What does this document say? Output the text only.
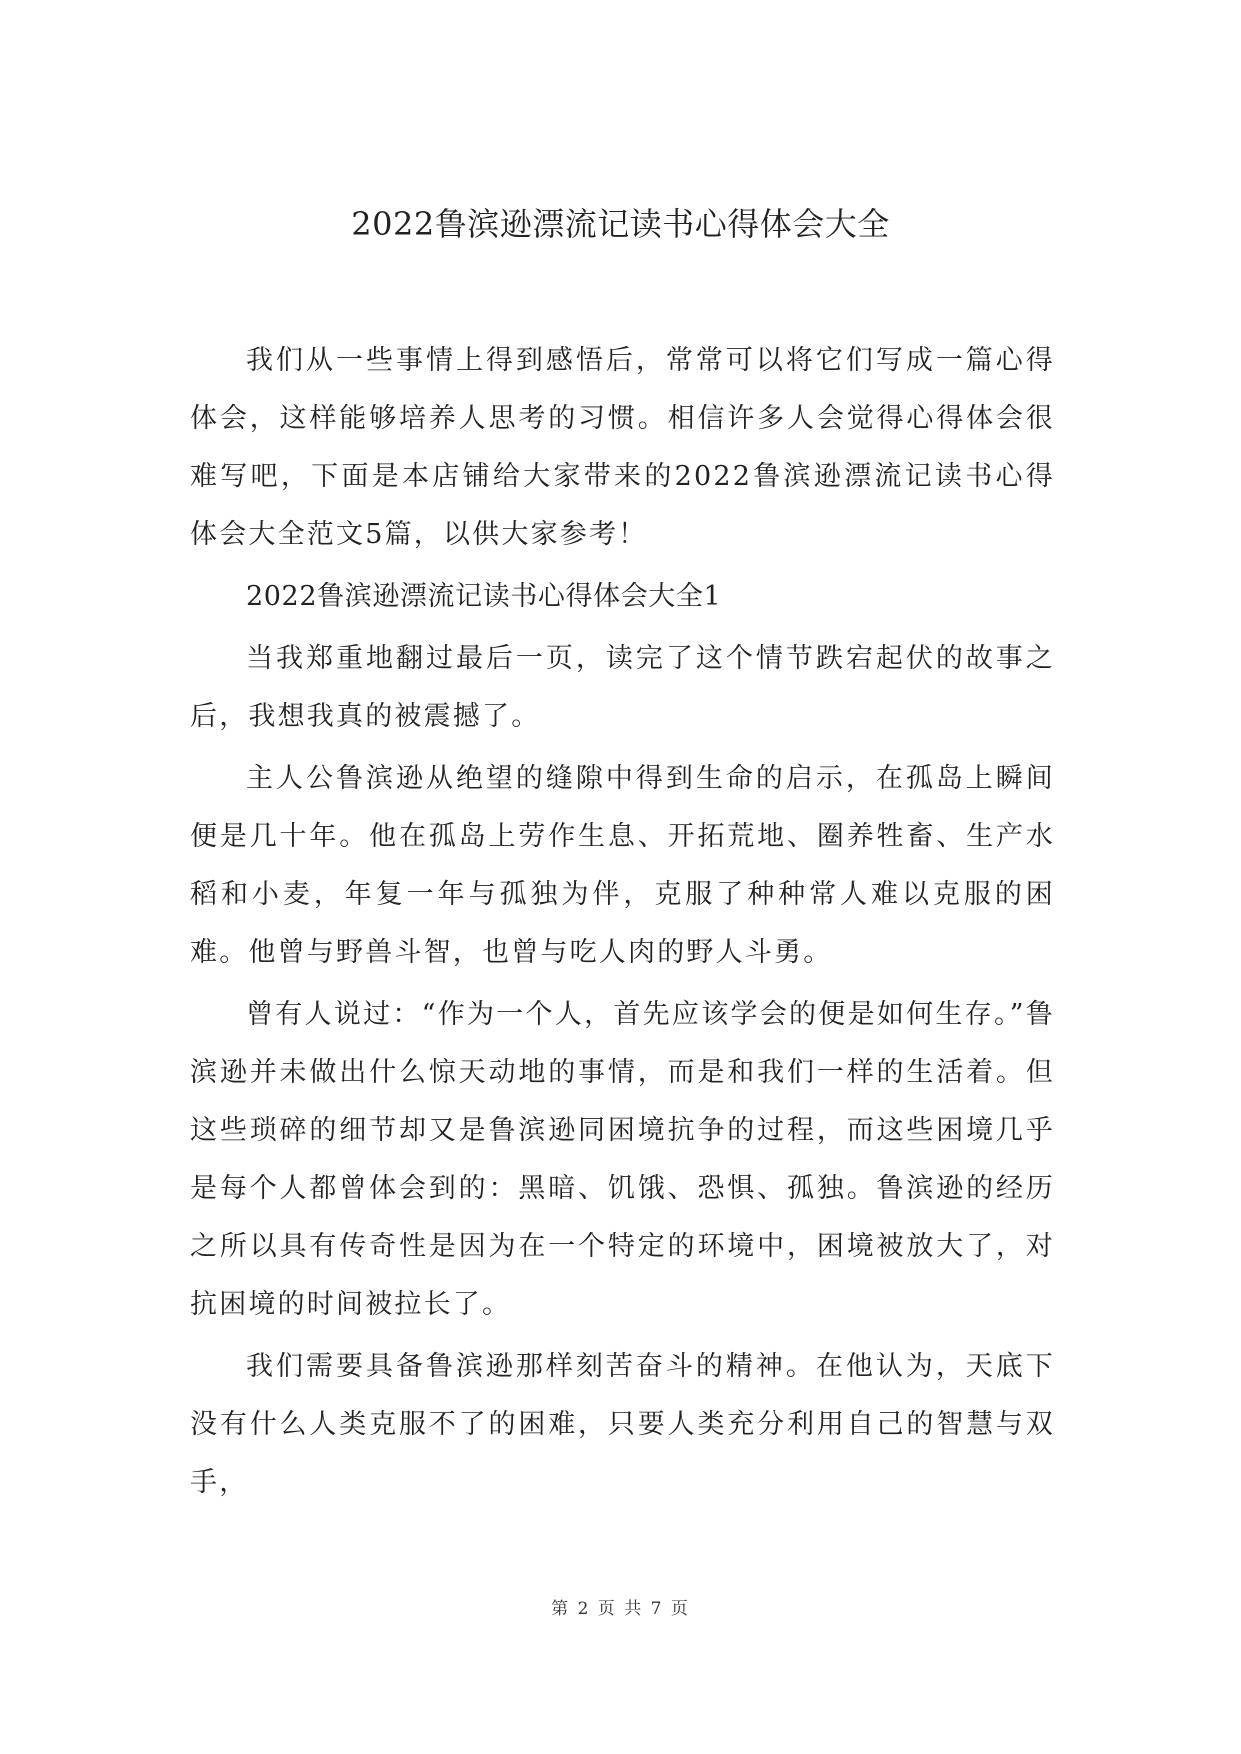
2022鲁滨逊漂流记读书心得体会大全

我们从一些事情上得到感悟后，常常可以将它们写成一篇心得体会，这样能够培养人思考的习惯。相信许多人会觉得心得体会很难写吧，下面是本店铺给大家带来的2022鲁滨逊漂流记读书心得体会大全范文5篇，以供大家参考！

2022鲁滨逊漂流记读书心得体会大全1

当我郑重地翻过最后一页，读完了这个情节跌宕起伏的故事之后，我想我真的被震撼了。

主人公鲁滨逊从绝望的缝隙中得到生命的启示，在孤岛上瞬间便是几十年。他在孤岛上劳作生息、开拓荒地、圈养牲畜、生产水稻和小麦，年复一年与孤独为伴，克服了种种常人难以克服的困难。他曾与野兽斗智，也曾与吃人肉的野人斗勇。

曾有人说过：“作为一个人，首先应该学会的便是如何生存。”鲁滨逊并未做出什么惊天动地的事情，而是和我们一样的生活着。但这些琐碎的细节却又是鲁滨逊同困境抗争的过程，而这些困境几乎是每个人都曾体会到的：黑暗、饥饿、恐惧、孤独。鲁滨逊的经历之所以具有传奇性是因为在一个特定的环境中，困境被放大了，对抗困境的时间被拉长了。

我们需要具备鲁滨逊那样刻苦奋斗的精神。在他认为，天底下没有什么人类克服不了的困难，只要人类充分利用自己的智慧与双手，

第 2 页 共 7 页
